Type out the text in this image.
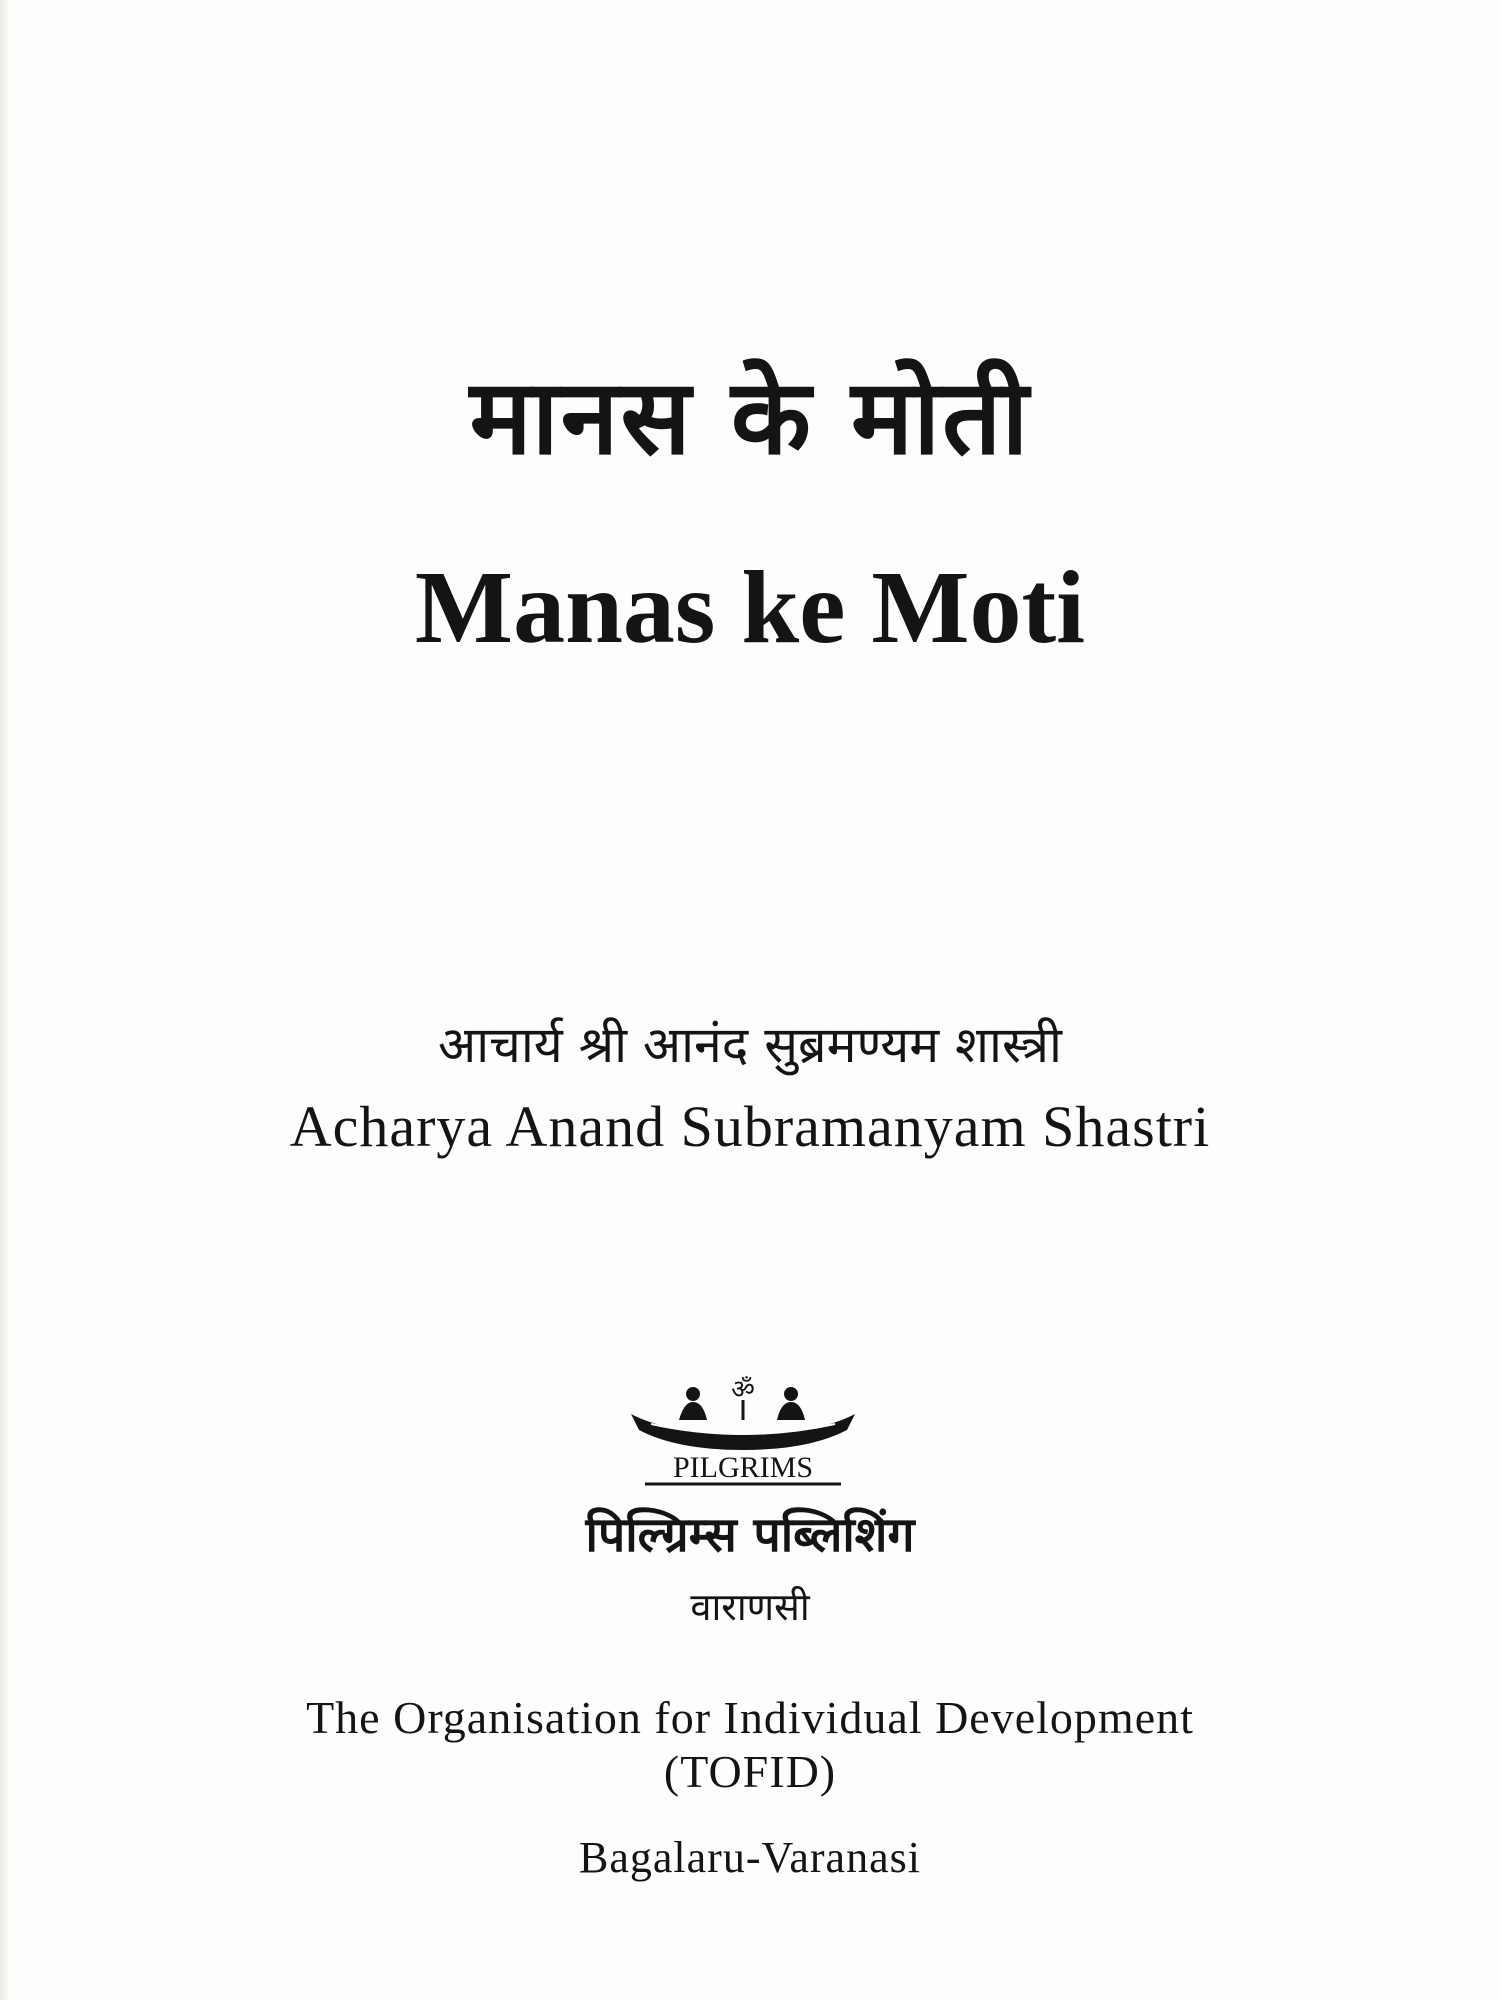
मानस के मोती
Manas ke Moti

आचार्य श्री आनंद सुब्रमण्यम शास्त्री

Acharya Anand Subramanyam Shastri

ॐ
PILGRIMS

पिल्ग्रिम्स पब्लिशिंग

वाराणसी

The Organisation for Individual Development

(TOFID)

Bagalaru-Varanasi
